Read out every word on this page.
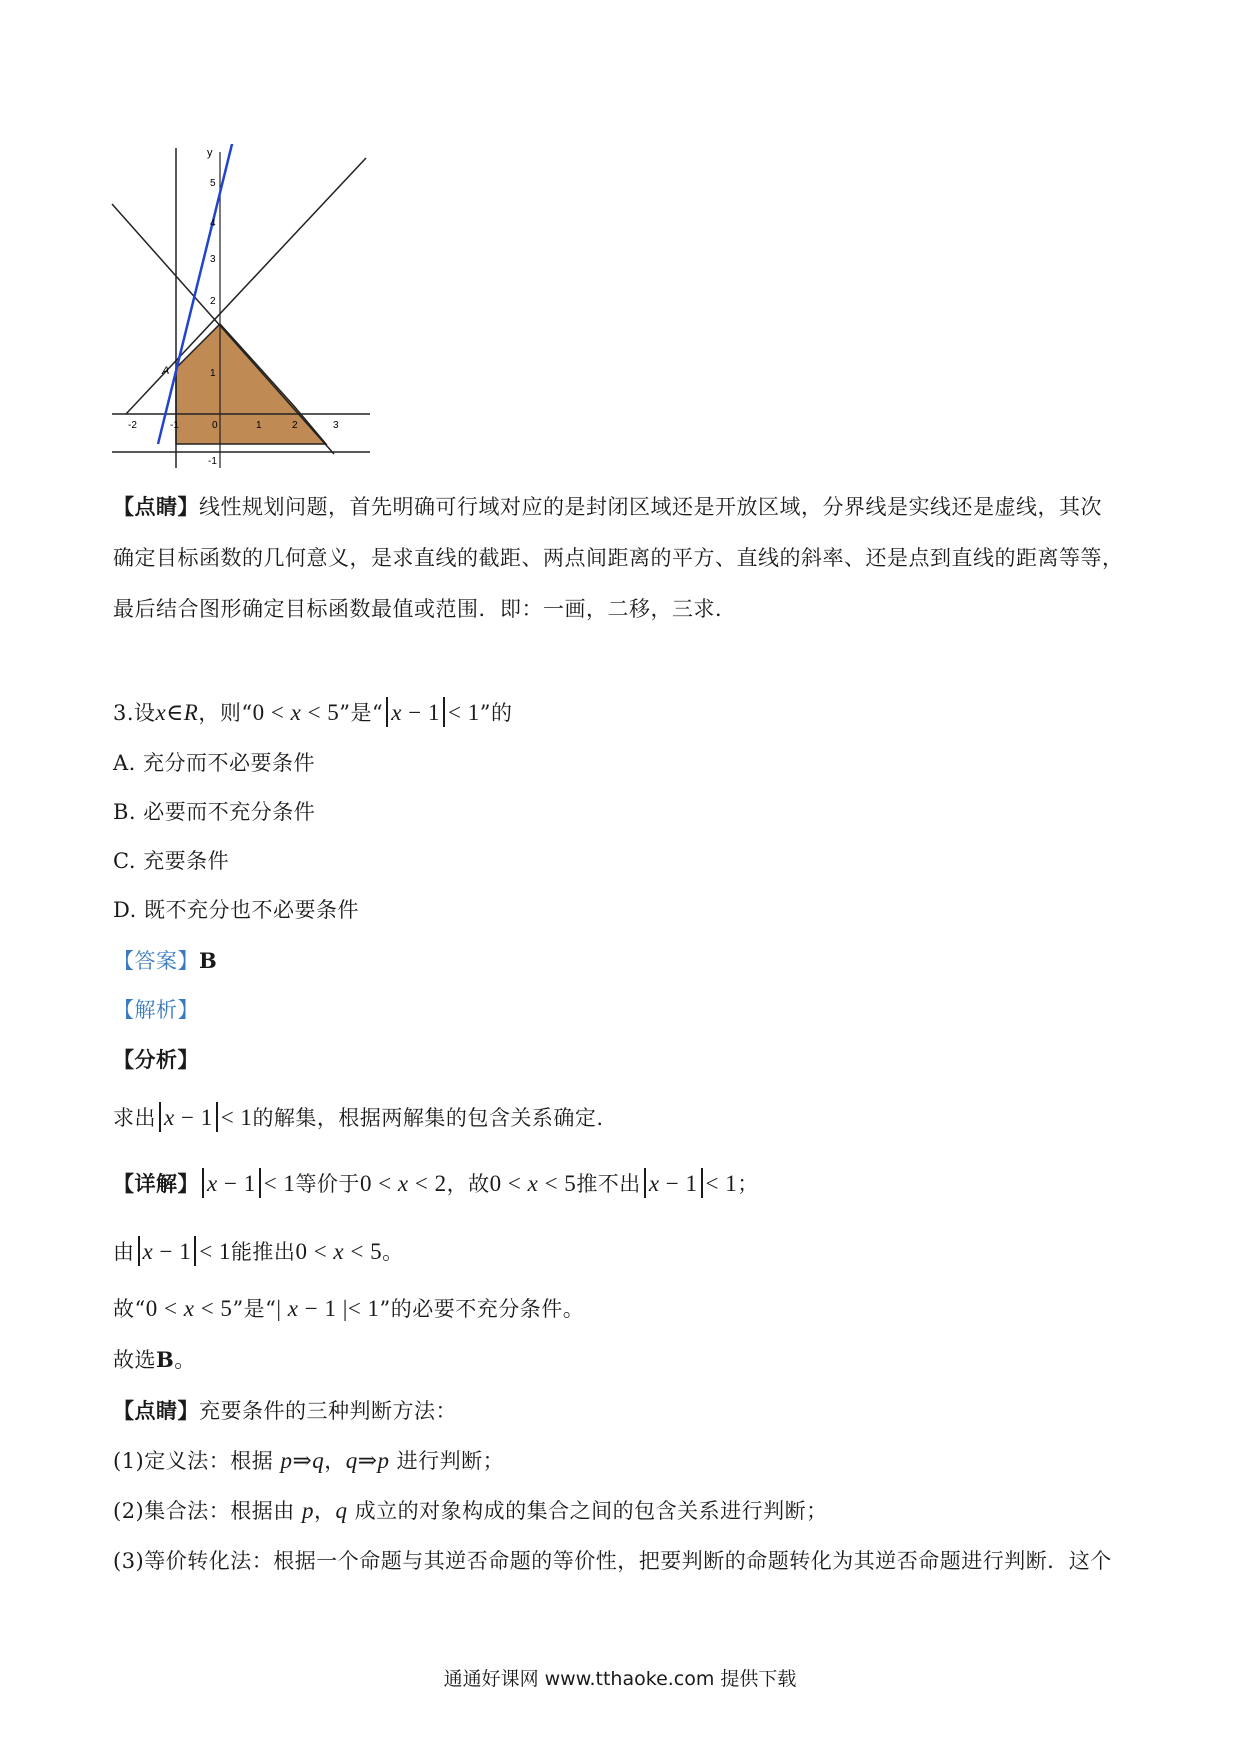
y
A
-2	-1	0	1	2	3
5
4
3
2
1
-1
【点睛】线性规划问题，首先明确可行域对应的是封闭区域还是开放区域，分界线是实线还是虚线，其次
确定目标函数的几何意义，是求直线的截距、两点间距离的平方、直线的斜率、还是点到直线的距离等等，
最后结合图形确定目标函数最值或范围．即：一画，二移，三求．
3.设x∈R，则“0 < x < 5”是“ x − 1 < 1”的
A. 充分而不必要条件
B. 必要而不充分条件
C. 充要条件
D. 既不充分也不必要条件
【答案】B
【解析】
【分析】
求出 x − 1 < 1的解集，根据两解集的包含关系确定.
【详解】 x − 1 < 1等价于0 < x < 2，故0 < x < 5推不出 x − 1 < 1；
由 x − 1 < 1能推出0 < x < 5。
故“0 < x < 5”是“| x − 1 |< 1”的必要不充分条件。
故选B。
【点睛】充要条件的三种判断方法：
(1)定义法：根据 p⇒q，q⇒p 进行判断；
(2)集合法：根据由 p，q 成立的对象构成的集合之间的包含关系进行判断；
(3)等价转化法：根据一个命题与其逆否命题的等价性，把要判断的命题转化为其逆否命题进行判断．这个
通通好课网 www.tthaoke.com 提供下载
